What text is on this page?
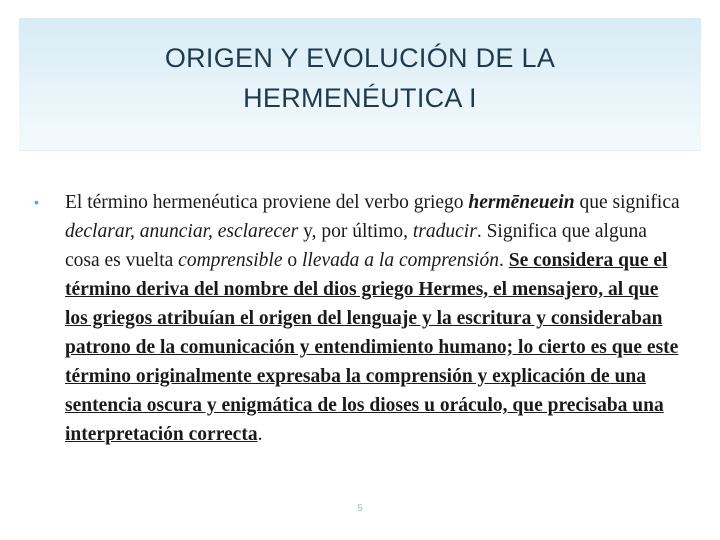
ORIGEN Y EVOLUCIÓN DE LA
HERMENÉUTICA I

• El término hermenéutica proviene del verbo griego hermēneuein que significa declarar, anunciar, esclarecer y, por último, traducir. Significa que alguna cosa es vuelta comprensible o llevada a la comprensión. Se considera que el término deriva del nombre del dios griego Hermes, el mensajero, al que los griegos atribuían el origen del lenguaje y la escritura y consideraban patrono de la comunicación y entendimiento humano; lo cierto es que este término originalmente expresaba la comprensión y explicación de una sentencia oscura y enigmática de los dioses u oráculo, que precisaba una interpretación correcta.

5
